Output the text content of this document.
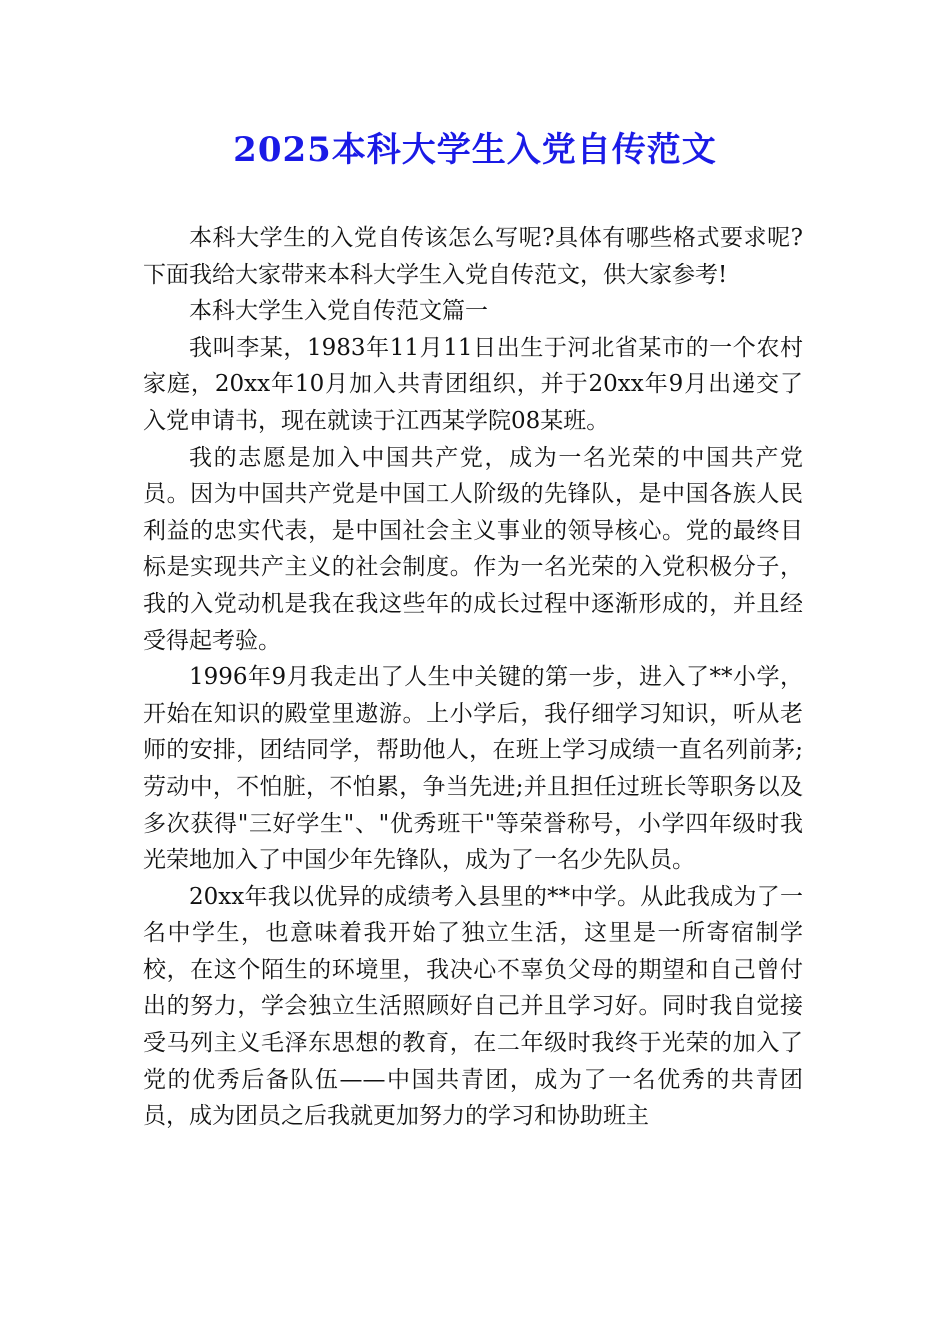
2025本科大学生入党自传范文

本科大学生的入党自传该怎么写呢?具体有哪些格式要求呢?下面我给大家带来本科大学生入党自传范文，供大家参考!

本科大学生入党自传范文篇一

我叫李某，1983年11月11日出生于河北省某市的一个农村家庭，20xx年10月加入共青团组织，并于20xx年9月出递交了入党申请书，现在就读于江西某学院08某班。

我的志愿是加入中国共产党，成为一名光荣的中国共产党员。因为中国共产党是中国工人阶级的先锋队，是中国各族人民利益的忠实代表，是中国社会主义事业的领导核心。党的最终目标是实现共产主义的社会制度。作为一名光荣的入党积极分子，我的入党动机是我在我这些年的成长过程中逐渐形成的，并且经受得起考验。

1996年9月我走出了人生中关键的第一步，进入了**小学，开始在知识的殿堂里遨游。上小学后，我仔细学习知识，听从老师的安排，团结同学，帮助他人，在班上学习成绩一直名列前茅;劳动中，不怕脏，不怕累，争当先进;并且担任过班长等职务以及多次获得"三好学生"、"优秀班干"等荣誉称号，小学四年级时我光荣地加入了中国少年先锋队，成为了一名少先队员。

20xx年我以优异的成绩考入县里的**中学。从此我成为了一名中学生，也意味着我开始了独立生活，这里是一所寄宿制学校，在这个陌生的环境里，我决心不辜负父母的期望和自己曾付出的努力，学会独立生活照顾好自己并且学习好。同时我自觉接受马列主义毛泽东思想的教育，在二年级时我终于光荣的加入了党的优秀后备队伍——中国共青团，成为了一名优秀的共青团员，成为团员之后我就更加努力的学习和协助班主
